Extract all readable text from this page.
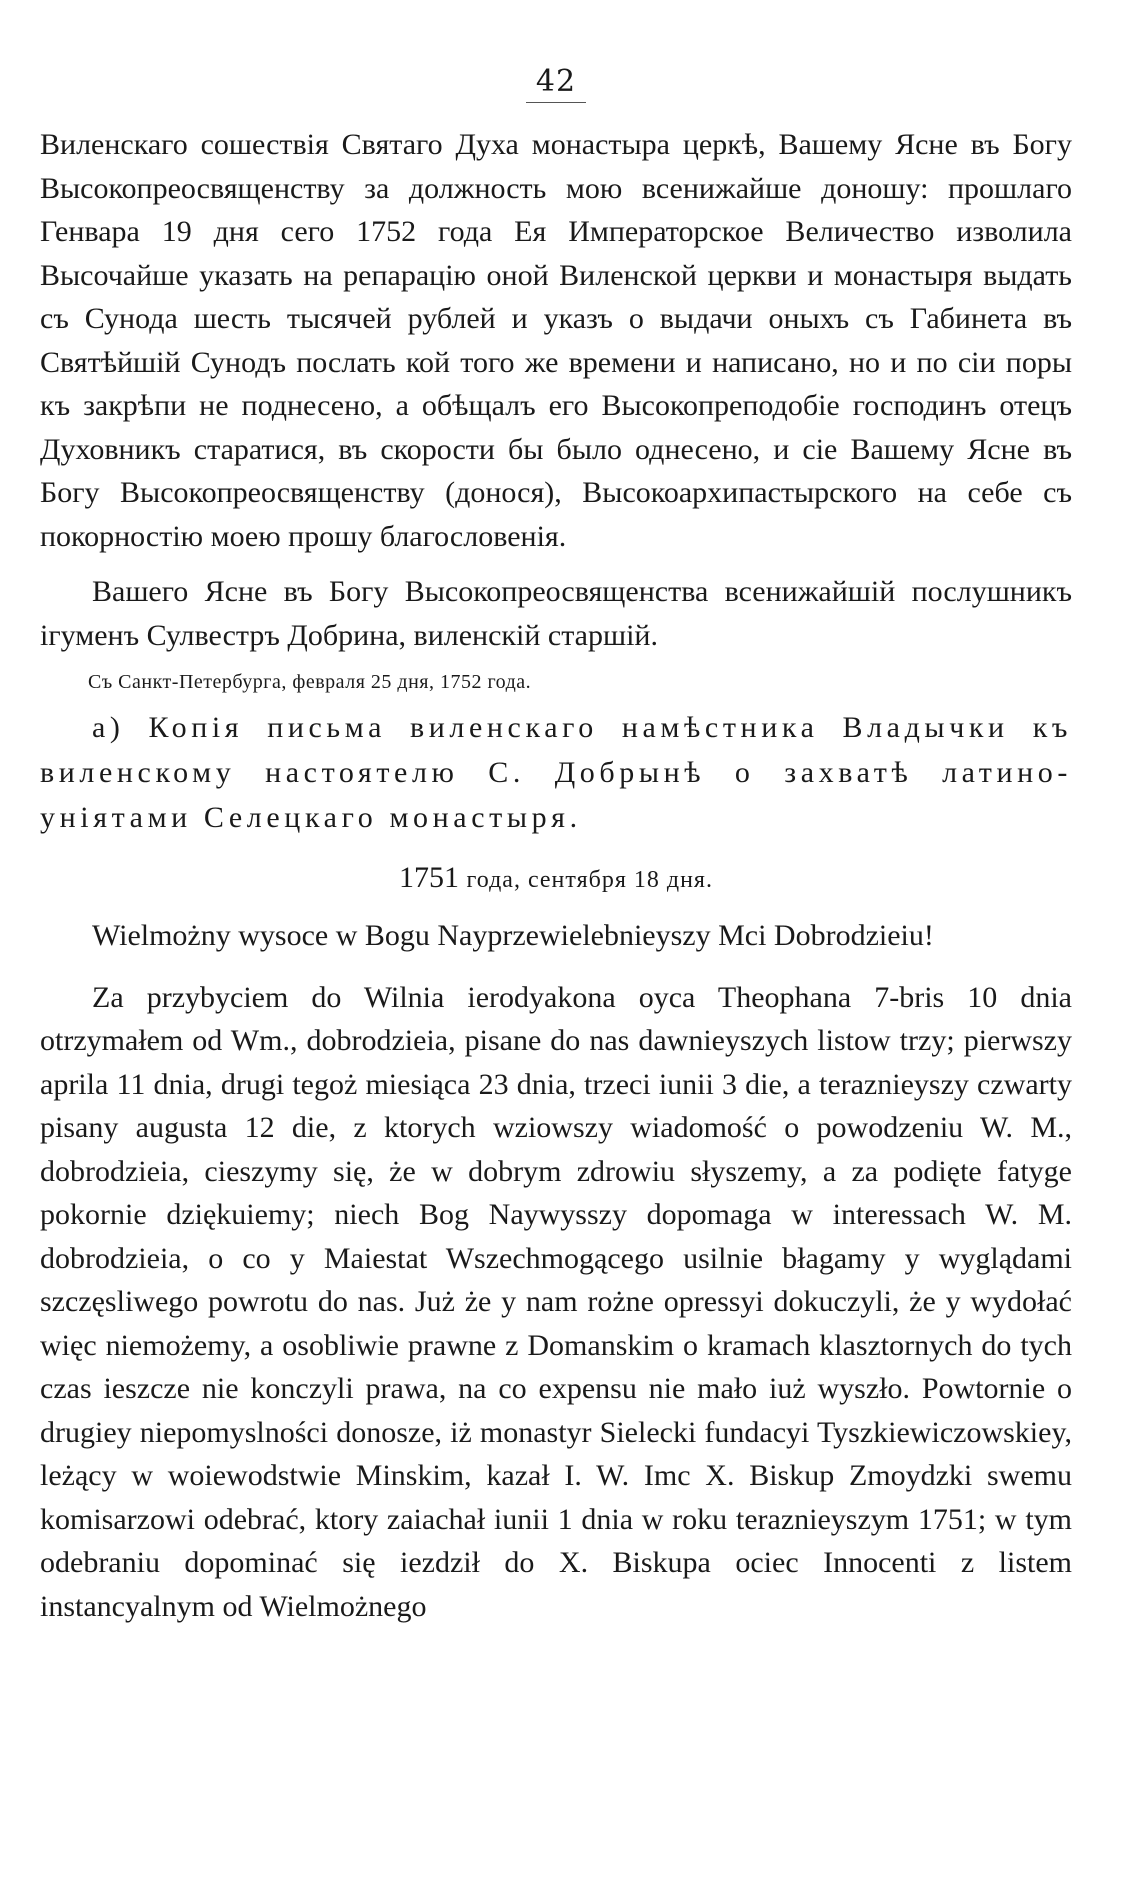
42

Виленскаго сошествія Святаго Духа монастыра церкѣ, Вашему Ясне въ Богу Высокопреосвященству за должность мою всенижайше доношу: прошлаго Генвара 19 дня сего 1752 года Ея Императорское Величество изволила Высочайше указать на репарацію оной Виленской церкви и монастыря выдать съ Сунода шесть тысячей рублей и указъ о выдачи оныхъ съ Габинета въ Святѣйшій Сунодъ послать кой того же времени и написано, но и по сіи поры къ закрѣпи не поднесено, а обѣщалъ его Высокопреподобіе господинъ отецъ Духовникъ старатися, въ скорости бы было однесено, и сіе Вашему Ясне въ Богу Высокопреосвященству (донося), Высокоархипастырского на себе съ покорностію моею прошу благословенія.

Вашего Ясне въ Богу Высокопреосвященства всенижайшій послушникъ ігуменъ Сулвестръ Добрина, виленскій старшій.

Съ Санкт-Петербурга, февраля 25 дня, 1752 года.

а) Копія письма виленскаго намѣстника Владычки къ виленскому настоятелю С. Добрынѣ о захватѣ латино-уніятами Селецкаго монастыря.

1751 года, сентября 18 дня.

Wielmożny wysoce w Bogu Nayprzewielebnieyszy Mci Dobrodzieiu!

Za przybyciem do Wilnia ierodyakona oyca Theophana 7-bris 10 dnia otrzymałem od Wm., dobrodzieia, pisane do nas dawnieyszych listow trzy; pierwszy aprila 11 dnia, drugi tegoż miesiąca 23 dnia, trzeci iunii 3 die, a teraznieyszy czwarty pisany augusta 12 die, z ktorych wziowszy wiadomość o powodzeniu W. M., dobrodzieia, cieszymy się, że w dobrym zdrowiu słyszemy, a za podięte fatyge pokornie dziękuiemy; niech Bog Naywysszy dopomaga w interessach W. M. dobrodzieia, o co y Maiestat Wszechmogącego usilnie błagamy y wyglądami szczęsliwego powrotu do nas. Już że y nam rożne opressyi dokuczyli, że y wydołać więc niemożemy, a osobliwie prawne z Domanskim o kramach klasztornych do tych czas ieszcze nie konczyli prawa, na co expensu nie mało iuż wyszło. Powtornie o drugiey niepomyslności donosze, iż monastyr Sielecki fundacyi Tyszkiewiczowskiey, leżący w woiewodstwie Minskim, kazał I. W. Imc X. Biskup Zmoydzki swemu komisarzowi odebrać, ktory zaiachał iunii 1 dnia w roku teraznieyszym 1751; w tym odebraniu dopominać się iezdził do X. Biskupa ociec Innocenti z listem instancyalnym od Wielmożnego
